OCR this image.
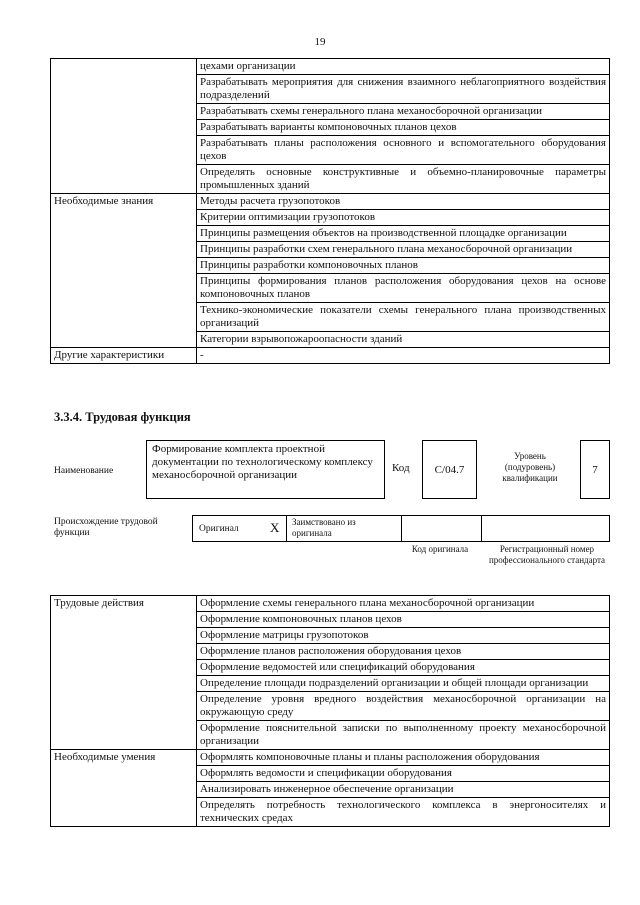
19
	цехами организации
	Разрабатывать мероприятия для снижения взаимного неблагоприятного воздействия подразделений
	Разрабатывать схемы генерального плана механосборочной организации
	Разрабатывать варианты компоновочных планов цехов
	Разрабатывать планы расположения основного и вспомогательного оборудования цехов
	Определять основные конструктивные и объемно-планировочные параметры промышленных зданий
Необходимые знания	Методы расчета грузопотоков
	Критерии оптимизации грузопотоков
	Принципы размещения объектов на производственной площадке организации
	Принципы разработки схем генерального плана механосборочной организации
	Принципы разработки компоновочных планов
	Принципы формирования планов расположения оборудования цехов на основе компоновочных планов
	Технико-экономические показатели схемы генерального плана производственных организаций
	Категории взрывопожароопасности зданий
Другие характеристики	-
3.3.4. Трудовая функция
Наименование
Формирование комплекта проектной документации по технологическому комплексу механосборочной организации
Код C/04.7
Уровень (подуровень) квалификации
7
Происхождение трудовой функции	Оригинал X Заимствовано из оригинала
Код оригинала	Регистрационный номер профессионального стандарта
Трудовые действия	Оформление схемы генерального плана механосборочной организации
	Оформление компоновочных планов цехов
	Оформление матрицы грузопотоков
	Оформление планов расположения оборудования цехов
	Оформление ведомостей или спецификаций оборудования
	Определение площади подразделений организации и общей площади организации
	Определение уровня вредного воздействия механосборочной организации на окружающую среду
	Оформление пояснительной записки по выполненному проекту механосборочной организации
Необходимые умения	Оформлять компоновочные планы и планы расположения оборудования
	Оформлять ведомости и спецификации оборудования
	Анализировать инженерное обеспечение организации
	Определять потребность технологического комплекса в энергоносителях и технических средах
